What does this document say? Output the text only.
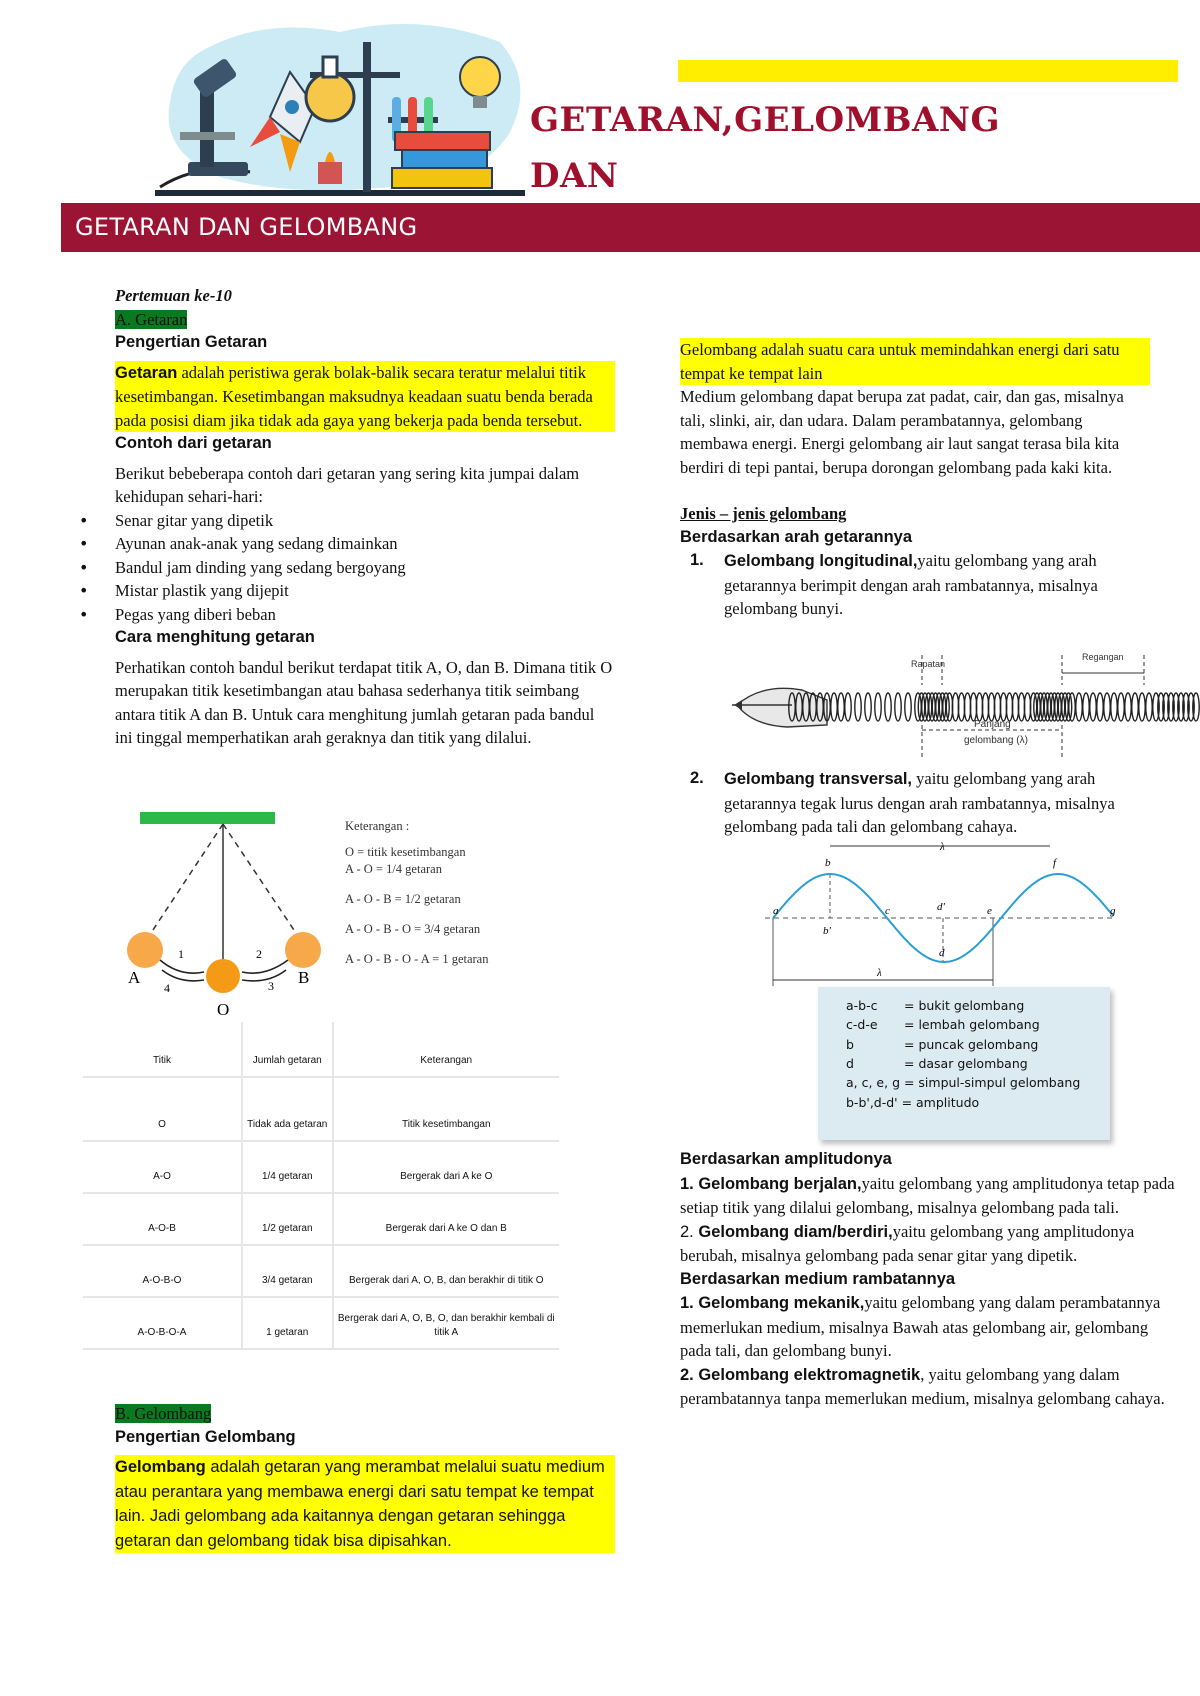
GETARAN,GELOMBANG DAN
GETARAN DAN GELOMBANG
Pertemuan ke-10
A. Getaran
Pengertian Getaran
Getaran adalah peristiwa gerak bolak-balik secara teratur melalui titik kesetimbangan. Kesetimbangan maksudnya keadaan suatu benda berada pada posisi diam jika tidak ada gaya yang bekerja pada benda tersebut.
Contoh dari getaran
Berikut bebeberapa contoh dari getaran yang sering kita jumpai dalam kehidupan sehari-hari:
• Senar gitar yang dipetik
• Ayunan anak-anak yang sedang dimainkan
• Bandul jam dinding yang sedang bergoyang
• Mistar plastik yang dijepit
• Pegas yang diberi beban
Cara menghitung getaran
Perhatikan contoh bandul berikut terdapat titik A, O, dan B. Dimana titik O merupakan titik kesetimbangan atau bahasa sederhanya titik seimbang antara titik A dan B. Untuk cara menghitung jumlah getaran pada bandul ini tinggal memperhatikan arah geraknya dan titik yang dilalui.
A	B
O
1	2
3
4
Keterangan :
O = titik kesetimbangan
A - O = 1/4 getaran
A - O - B = 1/2 getaran
A - O - B - O = 3/4 getaran
A - O - B - O - A = 1 getaran
Titik	Jumlah getaran	Keterangan
O	Tidak ada getaran	Titik kesetimbangan
A-O	1/4 getaran	Bergerak dari A ke O
A-O-B	1/2 getaran	Bergerak dari A ke O dan B
A-O-B-O	3/4 getaran	Bergerak dari A, O, B, dan berakhir di titik O
A-O-B-O-A	1 getaran	Bergerak dari A, O, B, O, dan berakhir kembali di titik A
B. Gelombang
Pengertian Gelombang
Gelombang adalah getaran yang merambat melalui suatu medium atau perantara yang membawa energi dari satu tempat ke tempat lain. Jadi gelombang ada kaitannya dengan getaran sehingga getaran dan gelombang tidak bisa dipisahkan.
Gelombang adalah suatu cara untuk memindahkan energi dari satu tempat ke tempat lain
Medium gelombang dapat berupa zat padat, cair, dan gas, misalnya tali, slinki, air, dan udara. Dalam perambatannya, gelombang membawa energi. Energi gelombang air laut sangat terasa bila kita berdiri di tepi pantai, berupa dorongan gelombang pada kaki kita.
Jenis – jenis gelombang
Berdasarkan arah getarannya
1. Gelombang longitudinal,yaitu gelombang yang arah getarannya berimpit dengan arah rambatannya, misalnya gelombang bunyi.
Rapatan
Regangan
Panjang
gelombang (λ)
2. Gelombang transversal, yaitu gelombang yang arah getarannya tegak lurus dengan arah rambatannya, misalnya gelombang pada tali dan gelombang cahaya.
λ
λ
a
b
b'
c	d'
d
e
f
g
a-b-c = bukit gelombang
c-d-e = lembah gelombang
b	= puncak gelombang
d	= dasar gelombang
a, c, e, g = simpul-simpul gelombang
b-b',d-d' = amplitudo
Berdasarkan amplitudonya
1. Gelombang berjalan,yaitu gelombang yang amplitudonya tetap pada setiap titik yang dilalui gelombang, misalnya gelombang pada tali.
2. Gelombang diam/berdiri,yaitu gelombang yang amplitudonya berubah, misalnya gelombang pada senar gitar yang dipetik.
Berdasarkan medium rambatannya
1. Gelombang mekanik,yaitu gelombang yang dalam perambatannya memerlukan medium, misalnya Bawah atas gelombang air, gelombang pada tali, dan gelombang bunyi.
2. Gelombang elektromagnetik, yaitu gelombang yang dalam perambatannya tanpa memerlukan medium, misalnya gelombang cahaya.
